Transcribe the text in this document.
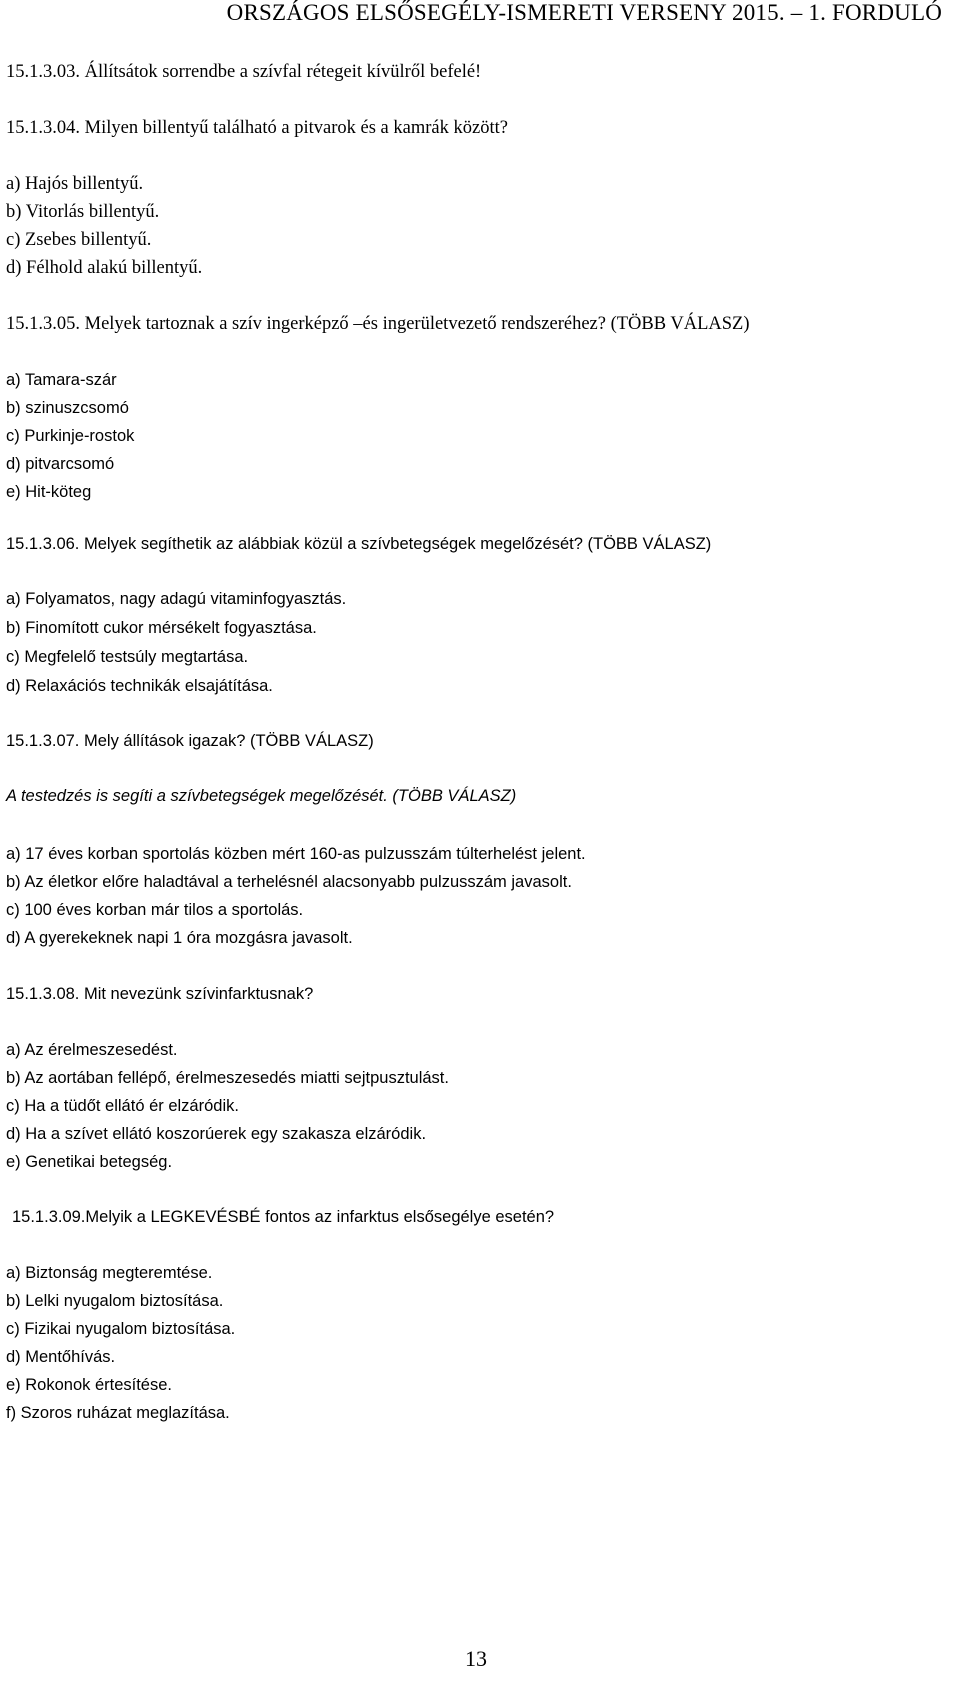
ORSZÁGOS ELSŐSEGÉLY-ISMERETI VERSENY 2015. – 1. FORDULÓ
15.1.3.03. Állítsátok sorrendbe a szívfal rétegeit kívülről befelé!
15.1.3.04. Milyen billentyű található a pitvarok és a kamrák között?
a) Hajós billentyű.
b) Vitorlás billentyű.
c) Zsebes billentyű.
d) Félhold alakú billentyű.
15.1.3.05. Melyek tartoznak a szív ingerképző –és ingerületvezető rendszeréhez? (TÖBB VÁLASZ)
a) Tamara-szár
b) szinuszcsomó
c) Purkinje-rostok
d) pitvarcsomó
e) Hit-köteg
15.1.3.06. Melyek segíthetik az alábbiak közül a szívbetegségek megelőzését? (TÖBB VÁLASZ)
a) Folyamatos, nagy adagú vitaminfogyasztás.
b) Finomított cukor mérsékelt fogyasztása.
c) Megfelelő testsúly megtartása.
d) Relaxációs technikák elsajátítása.
15.1.3.07. Mely állítások igazak? (TÖBB VÁLASZ)
A testedzés is segíti a szívbetegségek megelőzését. (TÖBB VÁLASZ)
a) 17 éves korban sportolás közben mért 160-as pulzusszám túlterhelést jelent.
b) Az életkor előre haladtával a terhelésnél alacsonyabb pulzusszám javasolt.
c) 100 éves korban már tilos a sportolás.
d) A gyerekeknek napi 1 óra mozgásra javasolt.
15.1.3.08. Mit nevezünk szívinfarktusnak?
a) Az érelmeszesedést.
b) Az aortában fellépő, érelmeszesedés miatti sejtpusztulást.
c) Ha a tüdőt ellátó ér elzáródik.
d) Ha a szívet ellátó koszorúerek egy szakasza elzáródik.
e) Genetikai betegség.
15.1.3.09.Melyik a LEGKEVÉSBÉ fontos az infarktus elsősegélye esetén?
a) Biztonság megteremtése.
b) Lelki nyugalom biztosítása.
c) Fizikai nyugalom biztosítása.
d) Mentőhívás.
e) Rokonok értesítése.
f) Szoros ruházat meglazítása.
13
